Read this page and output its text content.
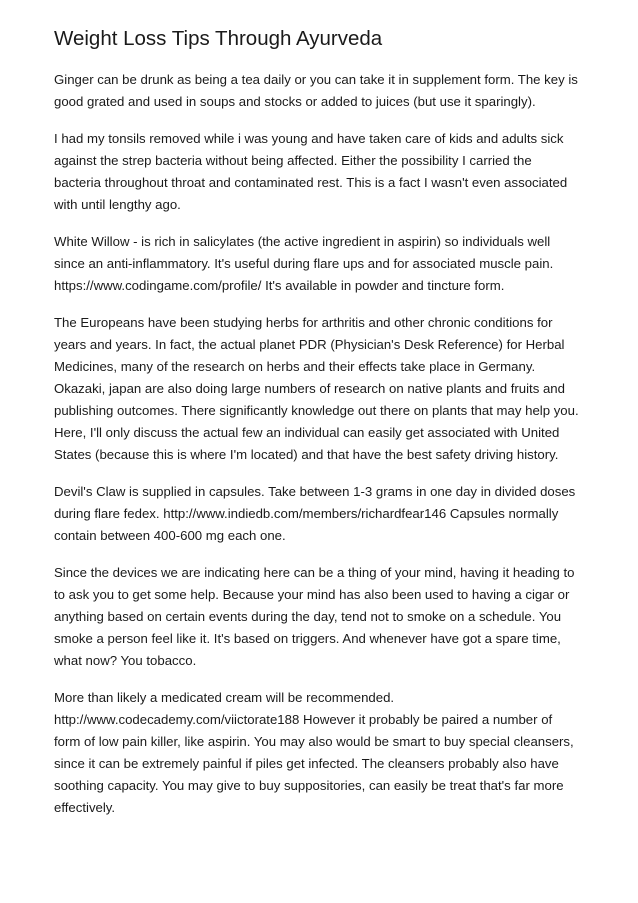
Weight Loss Tips Through Ayurveda

Ginger can be drunk as being a tea daily or you can take it in supplement form. The key is good grated and used in soups and stocks or added to juices (but use it sparingly).

I had my tonsils removed while i was young and have taken care of kids and adults sick against the strep bacteria without being affected. Either the possibility I carried the bacteria throughout throat and contaminated rest. This is a fact I wasn't even associated with until lengthy ago.

White Willow - is rich in salicylates (the active ingredient in aspirin) so individuals well since an anti-inflammatory. It's useful during flare ups and for associated muscle pain. https://www.codingame.com/profile/ It's available in powder and tincture form.

The Europeans have been studying herbs for arthritis and other chronic conditions for years and years. In fact, the actual planet PDR (Physician's Desk Reference) for Herbal Medicines, many of the research on herbs and their effects take place in Germany. Okazaki, japan are also doing large numbers of research on native plants and fruits and publishing outcomes. There significantly knowledge out there on plants that may help you. Here, I'll only discuss the actual few an individual can easily get associated with United States (because this is where I'm located) and that have the best safety driving history.

Devil's Claw is supplied in capsules. Take between 1-3 grams in one day in divided doses during flare fedex. http://www.indiedb.com/members/richardfear146 Capsules normally contain between 400-600 mg each one.

Since the devices we are indicating here can be a thing of your mind, having it heading to to ask you to get some help. Because your mind has also been used to having a cigar or anything based on certain events during the day, tend not to smoke on a schedule. You smoke a person feel like it. It's based on triggers. And whenever have got a spare time, what now? You tobacco.

More than likely a medicated cream will be recommended. http://www.codecademy.com/viictorate188 However it probably be paired a number of form of low pain killer, like aspirin. You may also would be smart to buy special cleansers, since it can be extremely painful if piles get infected. The cleansers probably also have soothing capacity. You may give to buy suppositories, can easily be treat that's far more effectively.
